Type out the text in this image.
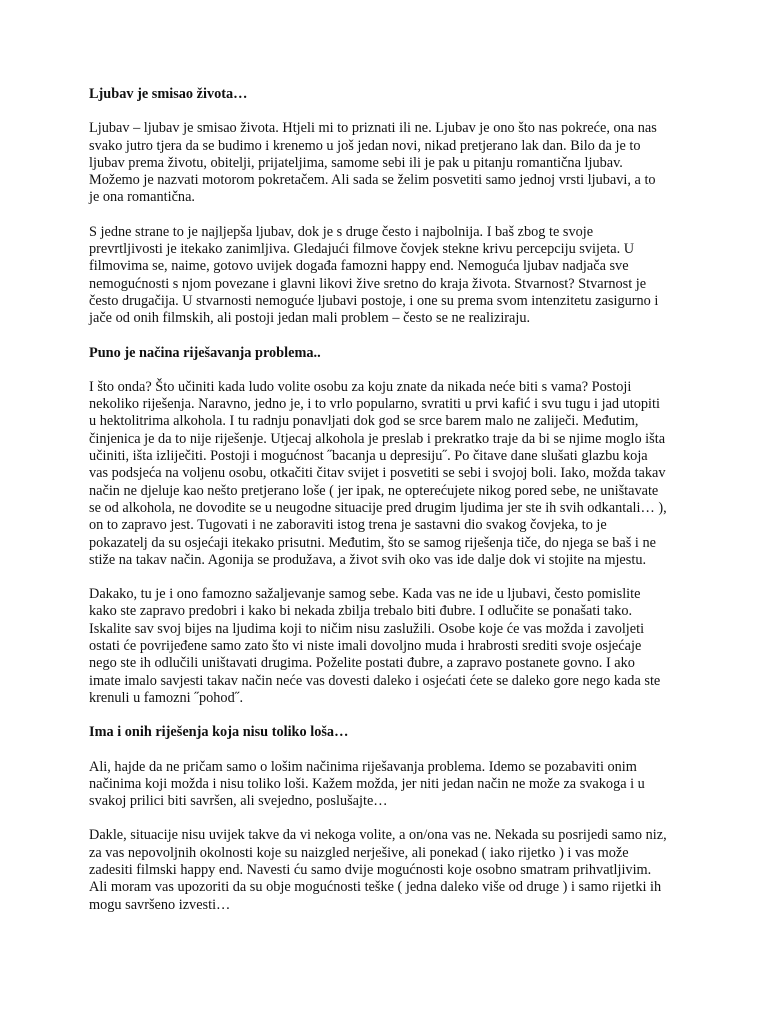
Ljubav je smisao života…
Ljubav – ljubav je smisao života. Htjeli mi to priznati ili ne. Ljubav je ono što nas pokreće, ona nas svako jutro tjera da se budimo i krenemo u još jedan novi, nikad pretjerano lak dan. Bilo da je to ljubav prema životu, obitelji, prijateljima, samome sebi ili je pak u pitanju romantična ljubav. Možemo je nazvati motorom pokretačem. Ali sada se želim posvetiti samo jednoj vrsti ljubavi, a to je ona romantična.
S jedne strane to je najljepša ljubav, dok je s druge često i najbolnija. I baš zbog te svoje prevrtljivosti je itekako zanimljiva. Gledajući filmove čovjek stekne krivu percepciju svijeta. U filmovima se, naime, gotovo uvijek događa famozni happy end. Nemoguća ljubav nadjača sve nemogućnosti s njom povezane i glavni likovi žive sretno do kraja života. Stvarnost? Stvarnost je često drugačija. U stvarnosti nemoguće ljubavi postoje, i one su prema svom intenzitetu zasigurno i jače od onih filmskih, ali postoji jedan mali problem – često se ne realiziraju.
Puno je načina riješavanja problema..
I što onda? Što učiniti kada ludo volite osobu za koju znate da nikada neće biti s vama? Postoji nekoliko riješenja. Naravno, jedno je, i to vrlo popularno, svratiti u prvi kafić i svu tugu i jad utopiti u hektolitrima alkohola. I tu radnju ponavljati dok god se srce barem malo ne zaliječi. Međutim, činjenica je da to nije riješenje. Utjecaj alkohola je preslab i prekratko traje da bi se njime moglo išta učiniti, išta izliječiti. Postoji i mogućnost ˝bacanja u depresiju˝. Po čitave dane slušati glazbu koja vas podsjeća na voljenu osobu, otkačiti čitav svijet i posvetiti se sebi i svojoj boli. Iako, možda takav način ne djeluje kao nešto pretjerano loše ( jer ipak, ne opterećujete nikog pored sebe, ne uništavate se od alkohola, ne dovodite se u neugodne situacije pred drugim ljudima jer ste ih svih odkantali… ), on to zapravo jest. Tugovati i ne zaboraviti istog trena je sastavni dio svakog čovjeka, to je pokazatelj da su osjećaji itekako prisutni. Međutim, što se samog riješenja tiče, do njega se baš i ne stiže na takav način. Agonija se produžava, a život svih oko vas ide dalje dok vi stojite na mjestu.
Dakako, tu je i ono famozno sažaljevanje samog sebe. Kada vas ne ide u ljubavi, često pomislite kako ste zapravo predobri i kako bi nekada zbilja trebalo biti đubre. I odlučite se ponašati tako. Iskalite sav svoj bijes na ljudima koji to ničim nisu zaslužili. Osobe koje će vas možda i zavoljeti ostati će povrijeđene samo zato što vi niste imali dovoljno muda i hrabrosti srediti svoje osjećaje nego ste ih odlučili uništavati drugima. Poželite postati đubre, a zapravo postanete govno. I ako imate imalo savjesti takav način neće vas dovesti daleko i osjećati ćete se daleko gore nego kada ste krenuli u famozni ˝pohod˝.
Ima i onih riješenja koja nisu toliko loša…
Ali, hajde da ne pričam samo o lošim načinima riješavanja problema. Idemo se pozabaviti onim načinima koji možda i nisu toliko loši. Kažem možda, jer niti jedan način ne može za svakoga i u svakoj prilici biti savršen, ali svejedno, poslušajte…
Dakle, situacije nisu uvijek takve da vi nekoga volite, a on/ona vas ne. Nekada su posrijedi samo niz, za vas nepovoljnih okolnosti koje su naizgled nerješive, ali ponekad ( iako rijetko ) i vas može zadesiti filmski happy end. Navesti ću samo dvije mogućnosti koje osobno smatram prihvatljivim. Ali moram vas upozoriti da su obje mogućnosti teške ( jedna daleko više od druge ) i samo rijetki ih mogu savršeno izvesti…
